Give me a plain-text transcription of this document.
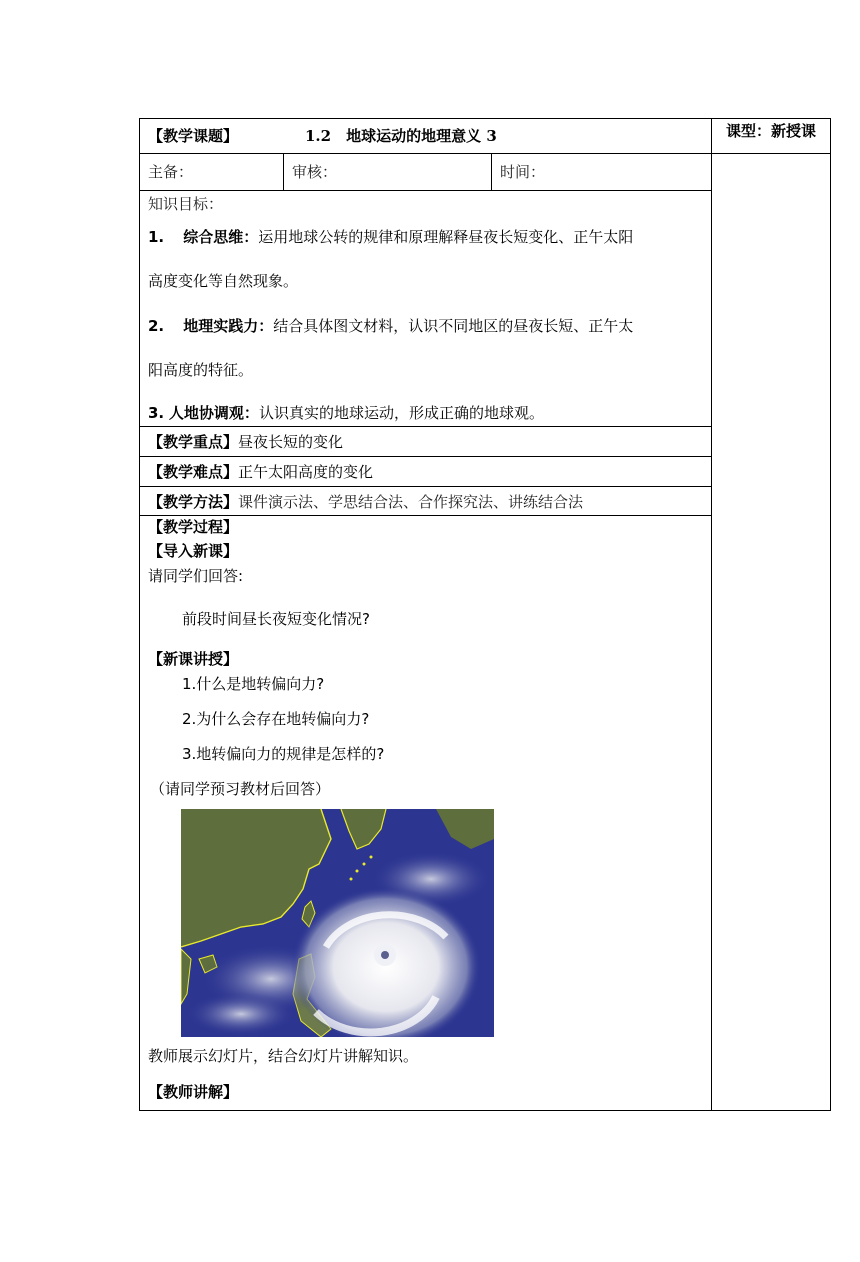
【教学课题】	1.2　地球运动的地理意义 3	课型：新授课
主备：	审核：	时间：
知识目标：
1. 综合思维：运用地球公转的规律和原理解释昼夜长短变化、正午太阳
高度变化等自然现象。
2. 地理实践力：结合具体图文材料，认识不同地区的昼夜长短、正午太
阳高度的特征。
3. 人地协调观：认识真实的地球运动，形成正确的地球观。
【教学重点】昼夜长短的变化
【教学难点】正午太阳高度的变化
【教学方法】课件演示法、学思结合法、合作探究法、讲练结合法
【教学过程】
【导入新课】
请同学们回答:
前段时间昼长夜短变化情况?
【新课讲授】
1.什么是地转偏向力?
2.为什么会存在地转偏向力?
3.地转偏向力的规律是怎样的?
（请同学预习教材后回答）
教师展示幻灯片，结合幻灯片讲解知识。
【教师讲解】
